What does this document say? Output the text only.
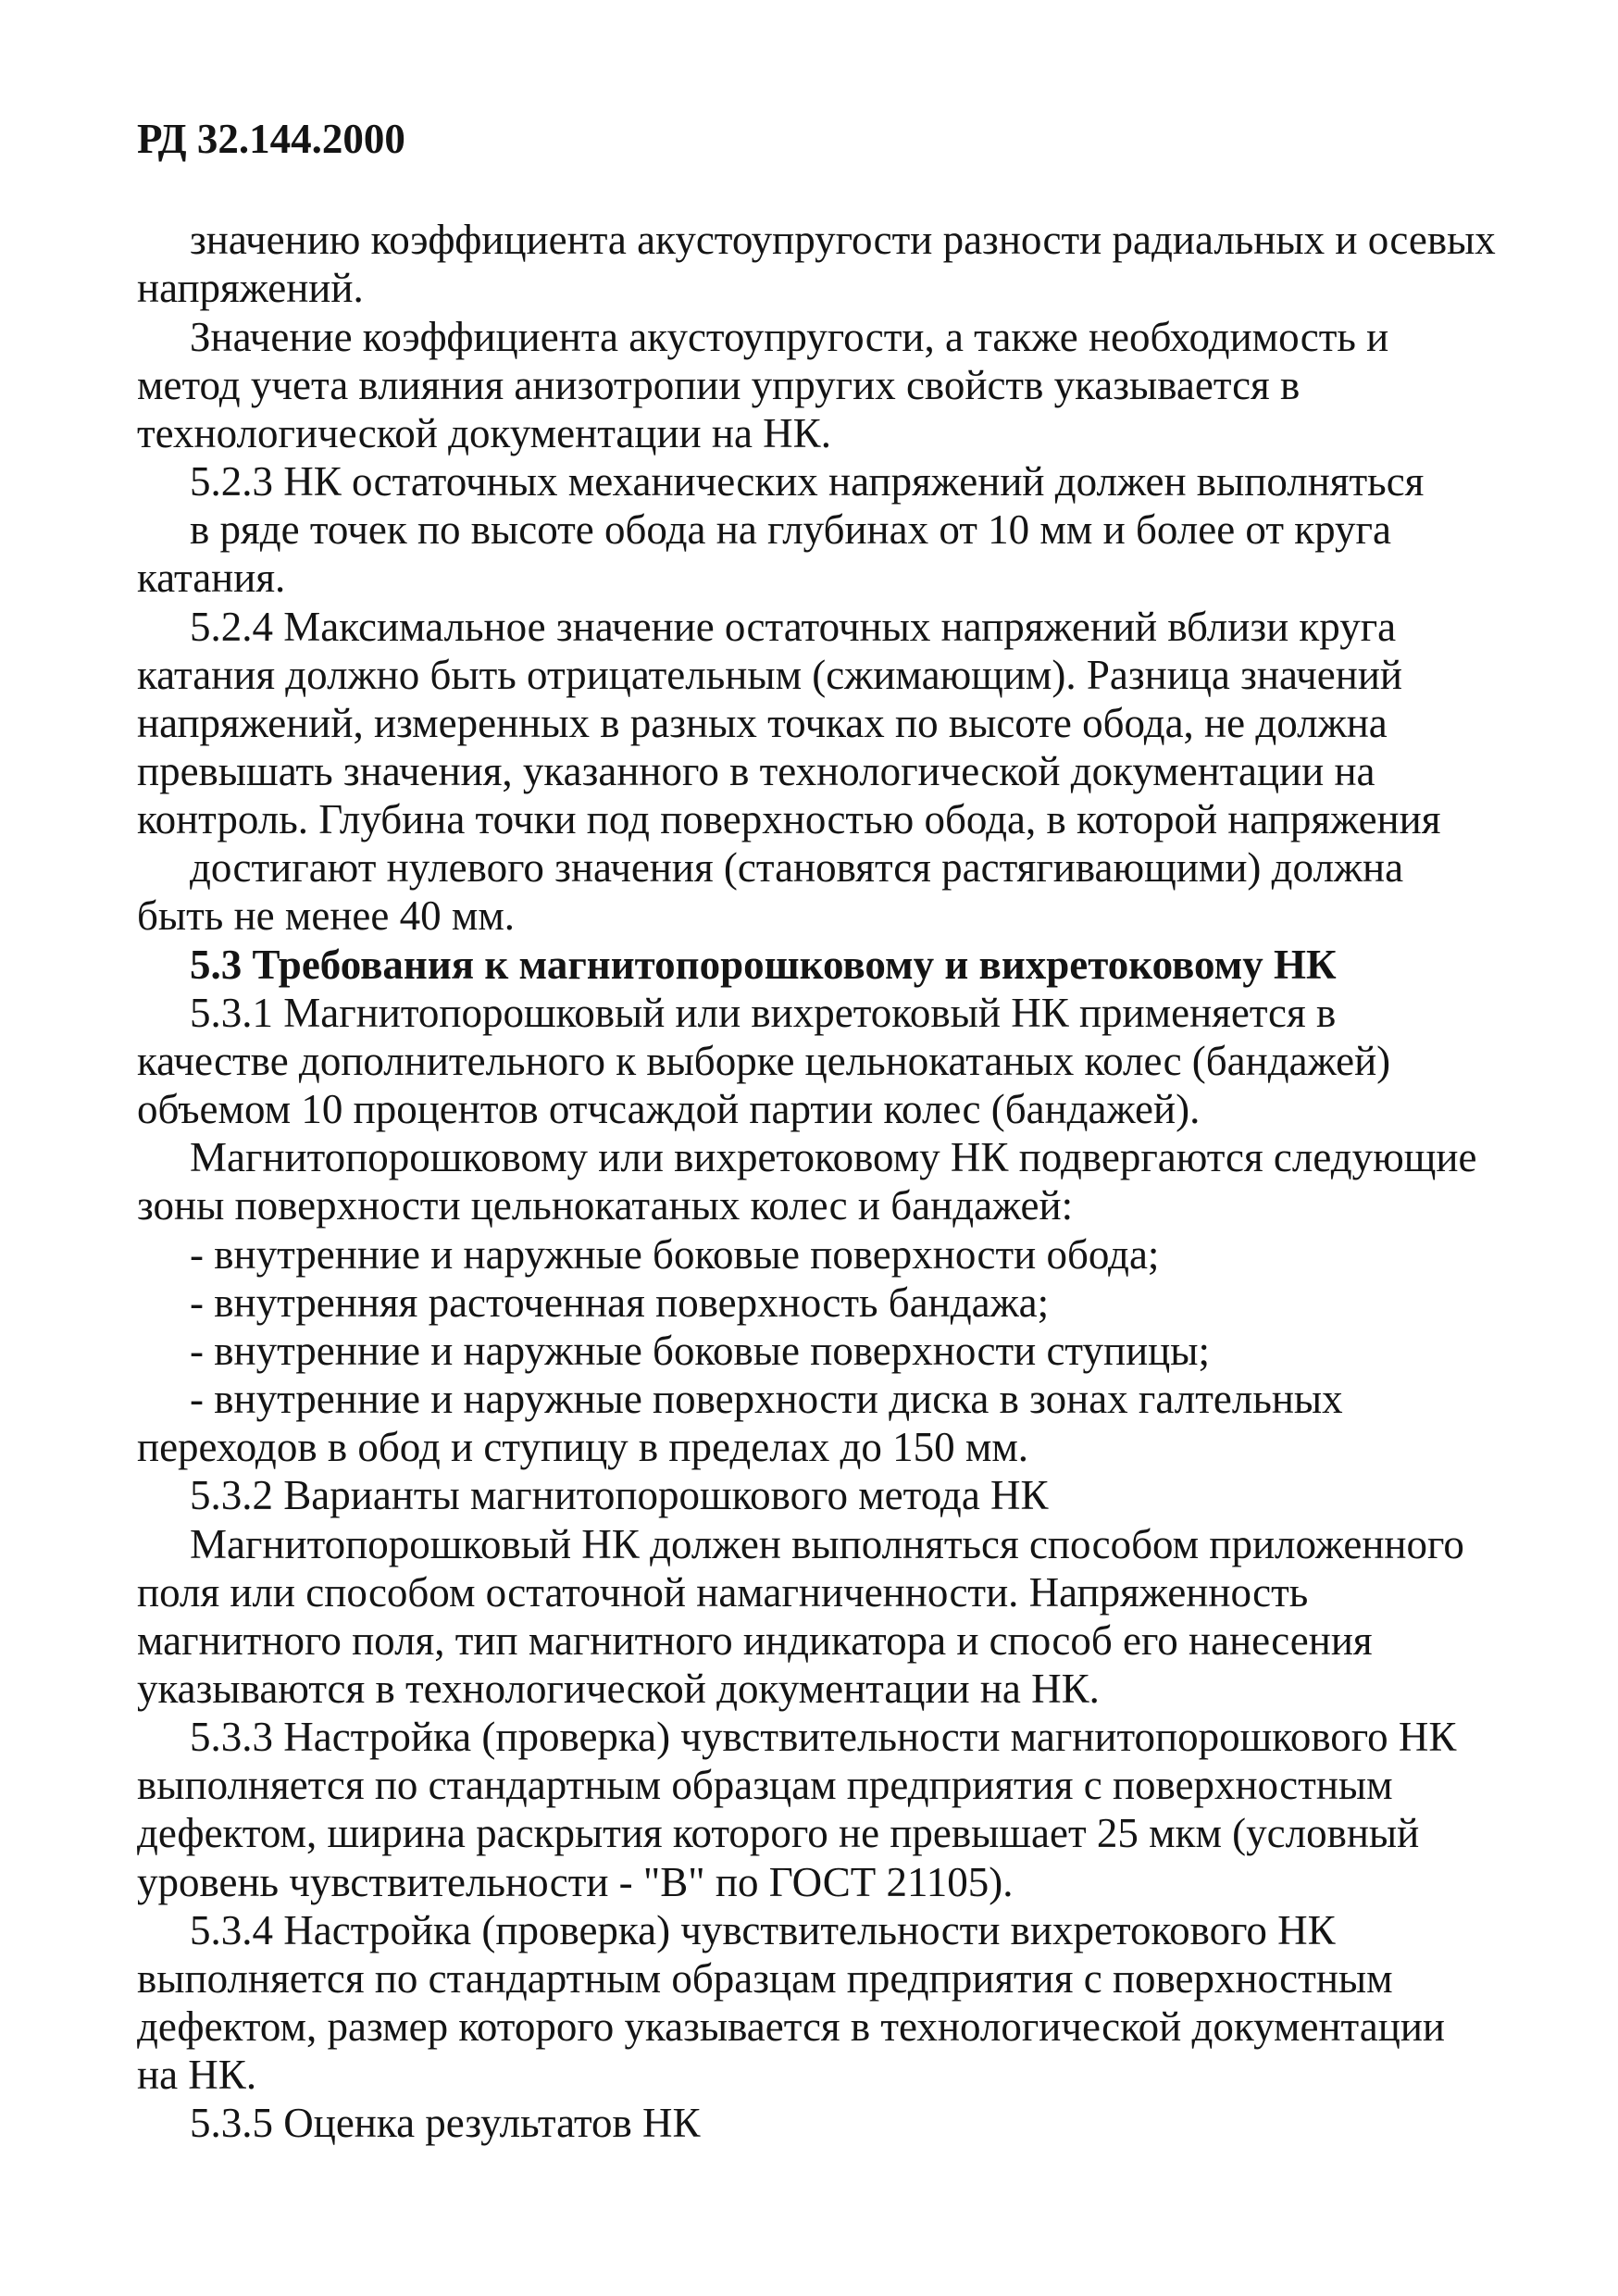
РД 32.144.2000
значению коэффициента акустоупругости разности радиальных и осевых
напряжений.
Значение коэффициента акустоупругости, а также необходимость и
метод учета влияния анизотропии упругих свойств указывается в
технологической документации на НК.
5.2.3 НК остаточных механических напряжений должен выполняться
в ряде точек по высоте обода на глубинах от 10 мм и более от круга
катания.
5.2.4 Максимальное значение остаточных напряжений вблизи круга
катания должно быть отрицательным (сжимающим). Разница значений
напряжений, измеренных в разных точках по высоте обода, не должна
превышать значения, указанного в технологической документации на
контроль. Глубина точки под поверхностью обода, в которой напряжения
достигают нулевого значения (становятся растягивающими) должна
быть не менее 40 мм.
5.3 Требования к магнитопорошковому и вихретоковому НК
5.3.1 Магнитопорошковый или вихретоковый НК применяется в
качестве дополнительного к выборке цельнокатаных колес (бандажей)
объемом 10 процентов отчсаждой партии колес (бандажей).
Магнитопорошковому или вихретоковому НК подвергаются следующие
зоны поверхности цельнокатаных колес и бандажей:
- внутренние и наружные боковые поверхности обода;
- внутренняя расточенная поверхность бандажа;
- внутренние и наружные боковые поверхности ступицы;
- внутренние и наружные поверхности диска в зонах галтельных
переходов в обод и ступицу в пределах до 150 мм.
5.3.2 Варианты магнитопорошкового метода НК
Магнитопорошковый НК должен выполняться способом приложенного
поля или способом остаточной намагниченности. Напряженность
магнитного поля, тип магнитного индикатора и способ его нанесения
указываются в технологической документации на НК.
5.3.3 Настройка (проверка) чувствительности магнитопорошкового НК
выполняется по стандартным образцам предприятия с поверхностным
дефектом, ширина раскрытия которого не превышает 25 мкм (условный
уровень чувствительности - "В" по ГОСТ 21105).
5.3.4 Настройка (проверка) чувствительности вихретокового НК
выполняется по стандартным образцам предприятия с поверхностным
дефектом, размер которого указывается в технологической документации
на НК.
5.3.5 Оценка результатов НК
